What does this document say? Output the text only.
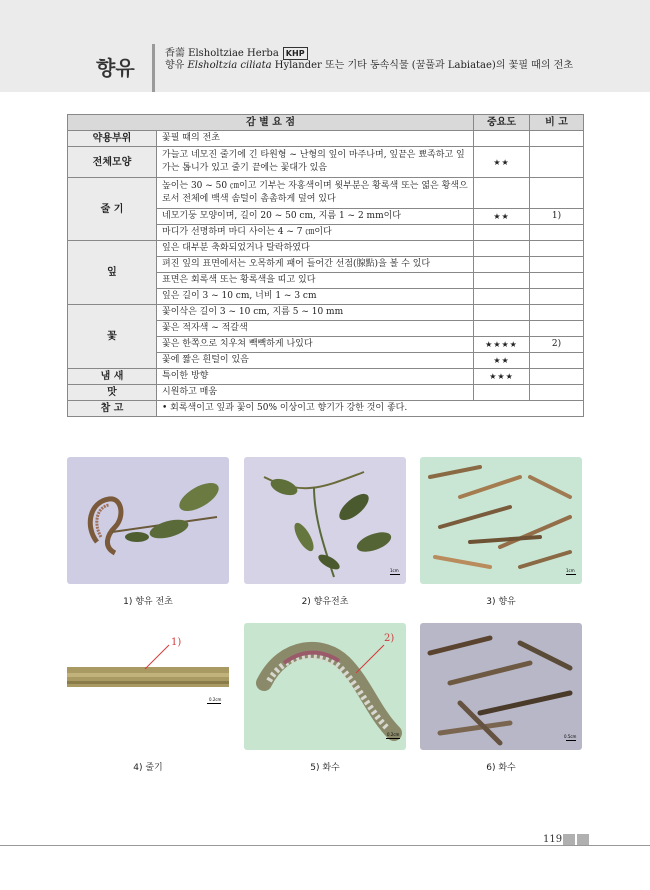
향유
香薷 Elsholtziae Herba KHP
향유 Elsholtzia ciliata Hylander 또는 기타 동속식물 (꿀풀과 Labiatae)의 꽃필 때의 전초
감 별 요 점		중요도	비 고
약용부위	꽃필 때의 전초		
전체모양	가늘고 네모진 줄기에 긴 타원형 ~ 난형의 잎이 마주나며, 잎끝은 뾰족하고 잎가는 톱니가 있고 줄기 끝에는 꽃대가 있음	★★	
줄 기	높이는 30 ~ 50 ㎝이고 기부는 자홍색이며 윗부분은 황록색 또는 엷은 황색으로서 전체에 백색 솜털이 촘촘하게 덮여 있다		
	네모기둥 모양이며, 길이 20 ~ 50 cm, 지름 1 ~ 2 mm이다	★★	1)
	마디가 선명하며 마디 사이는 4 ~ 7 ㎝이다		
잎	잎은 대부분 축화되었거나 탈락하였다		
	펴진 잎의 표면에서는 오목하게 패어 들어간 선점(腺點)을 볼 수 있다		
	표면은 회록색 또는 황록색을 띠고 있다		
	잎은 길이 3 ~ 10 cm, 너비 1 ~ 3 cm		
꽃	꽃이삭은 길이 3 ~ 10 cm, 지름 5 ~ 10 mm		
	꽃은 적자색 ~ 적갈색		
	꽃은 한쪽으로 치우쳐 빽빽하게 나있다	★★★★	2)
	꽃에 짧은 흰털이 있음	★★	
냄 새	특이한 방향	★★★	
맛	시원하고 매움		
참 고	• 회록색이고 잎과 꽃이 50% 이상이고 향기가 강한 것이 좋다.		
1cm	1cm
1) 향유 전초	2) 향유전초	3) 향유
1)
0.2cm
2)
0.2cm	0.5cm
4) 줄기	5) 화수	6) 화수
119
